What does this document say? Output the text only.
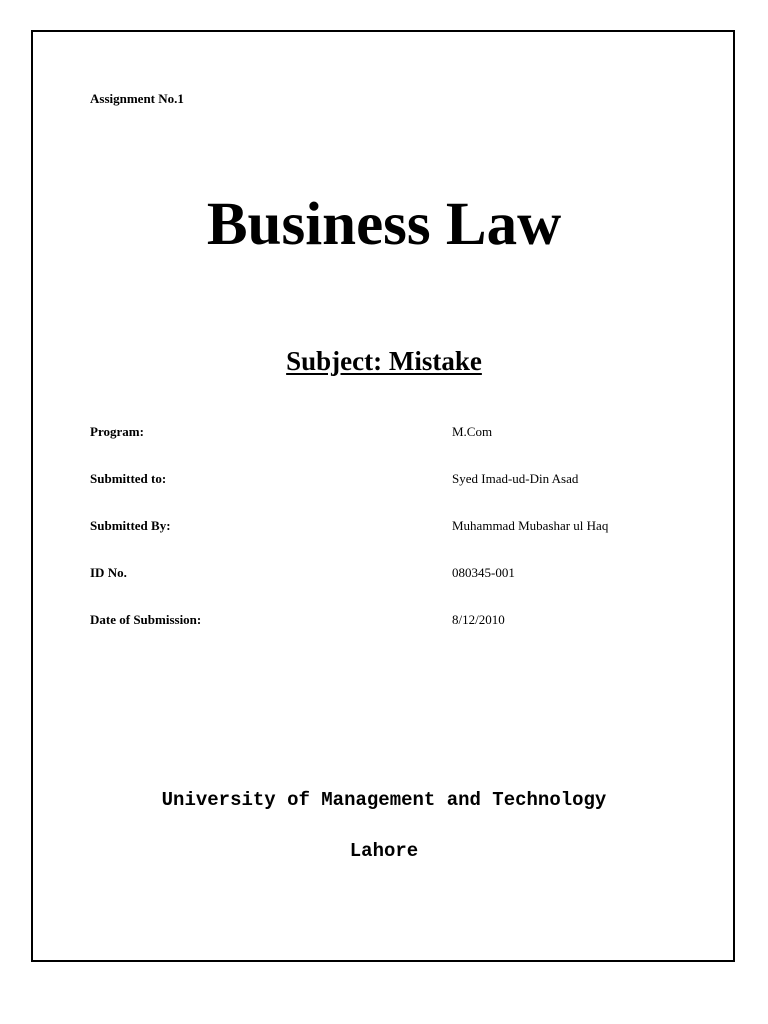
Assignment No.1
Business Law
Subject: Mistake
Program:	M.Com
Submitted to:	Syed Imad-ud-Din Asad
Submitted By:	Muhammad Mubashar ul Haq
ID No.	080345-001
Date of Submission:	8/12/2010
University of Management and Technology
Lahore
